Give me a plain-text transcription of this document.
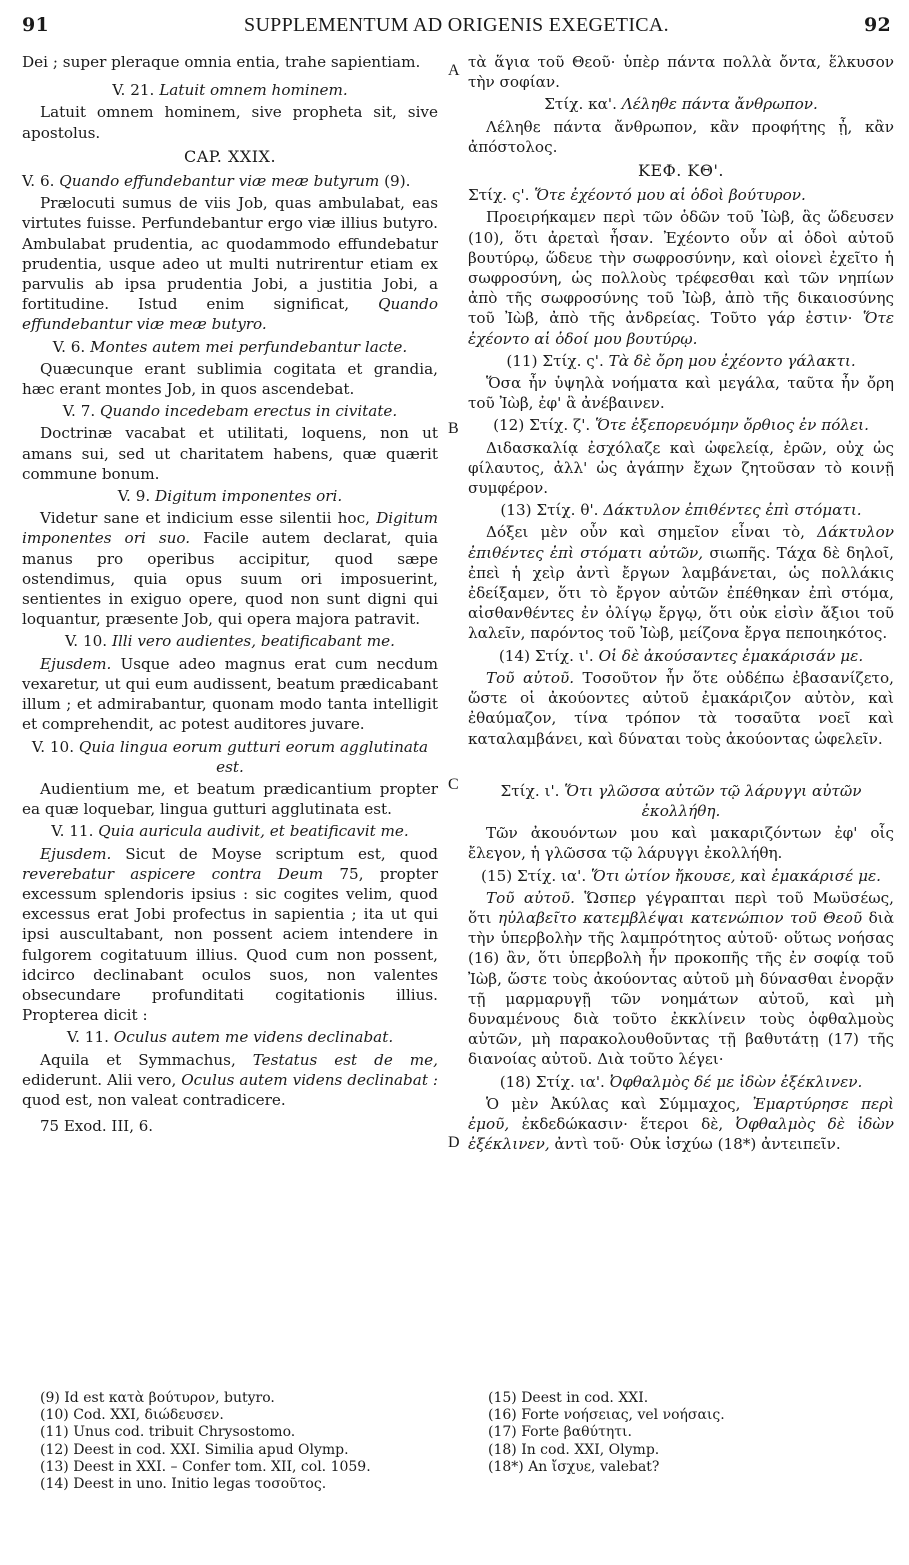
91	SUPPLEMENTUM AD ORIGENIS EXEGETICA.	92
A
B
C
D

Dei ; super pleraque omnia entia, trahe sapientiam.

V. 21. Latuit omnem hominem.

Latuit omnem hominem, sive propheta sit, sive apostolus.

CAP. XXIX.

V. 6. Quando effundebantur viæ meæ butyrum (9).

Prælocuti sumus de viis Job, quas ambulabat, eas virtutes fuisse. Perfundebantur ergo viæ illius butyro. Ambulabat prudentia, ac quodammodo effundebatur prudentia, usque adeo ut multi nutrirentur etiam ex parvulis ab ipsa prudentia Jobi, a justitia Jobi, a fortitudine. Istud enim significat, Quando effundebantur viæ meæ butyro.

V. 6. Montes autem mei perfundebantur lacte.

Quæcunque erant sublimia cogitata et grandia, hæc erant montes Job, in quos ascendebat.

V. 7. Quando incedebam erectus in civitate.

Doctrinæ vacabat et utilitati, loquens, non ut amans sui, sed ut charitatem habens, quæ quærit commune bonum.

V. 9. Digitum imponentes ori.

Videtur sane et indicium esse silentii hoc, Digitum imponentes ori suo. Facile autem declarat, quia manus pro operibus accipitur, quod sæpe ostendimus, quia opus suum ori imposuerint, sentientes in exiguo opere, quod non sunt digni qui loquantur, præsente Job, qui opera majora patravit.

V. 10. Illi vero audientes, beatificabant me.

Ejusdem. Usque adeo magnus erat cum necdum vexaretur, ut qui eum audissent, beatum prædicabant illum ; et admirabantur, quonam modo tanta intelligit et comprehendit, ac potest auditores juvare.

V. 10. Quia lingua eorum gutturi eorum agglutinata est.

Audientium me, et beatum prædicantium propter ea quæ loquebar, lingua gutturi agglutinata est.

V. 11. Quia auricula audivit, et beatificavit me.

Ejusdem. Sicut de Moyse scriptum est, quod reverebatur aspicere contra Deum 75, propter excessum splendoris ipsius : sic cogites velim, quod excessus erat Jobi profectus in sapientia ; ita ut qui ipsi auscultabant, non possent aciem intendere in fulgorem cogitatuum illius. Quod cum non possent, idcirco declinabant oculos suos, non valentes obsecundare profunditati cogitationis illius. Propterea dicit :

V. 11. Oculus autem me videns declinabat.

Aquila et Symmachus, Testatus est de me, ediderunt. Alii vero, Oculus autem videns declinabat : quod est, non valeat contradicere.

75 Exod. III, 6.

τὰ ἅγια τοῦ Θεοῦ· ὑπὲρ πάντα πολλὰ ὄντα, ἕλκυσον τὴν σοφίαν.

Στίχ. κα'. Λέληθε πάντα ἄνθρωπον.

Λέληθε πάντα ἄνθρωπον, κἂν προφήτης ᾖ, κἂν ἀπόστολος.

ΚΕΦ. ΚΘ'.

Στίχ. ς'. Ὅτε ἐχέοντό μου αἱ ὁδοὶ βούτυρον.

Προειρήκαμεν περὶ τῶν ὁδῶν τοῦ Ἰὼβ, ἃς ὥδευσεν (10), ὅτι ἀρεταὶ ἦσαν. Ἐχέοντο οὖν αἱ ὁδοὶ αὐτοῦ βουτύρῳ, ὥδευε τὴν σωφροσύνην, καὶ οἱονεὶ ἐχεῖτο ἡ σωφροσύνη, ὡς πολλοὺς τρέφεσθαι καὶ τῶν νηπίων ἀπὸ τῆς σωφροσύνης τοῦ Ἰὼβ, ἀπὸ τῆς δικαιοσύνης τοῦ Ἰὼβ, ἀπὸ τῆς ἀνδρείας. Τοῦτο γάρ ἐστιν· Ὅτε ἐχέοντο αἱ ὁδοί μου βουτύρῳ.

(11) Στίχ. ς'. Τὰ δὲ ὄρη μου ἐχέοντο γάλακτι.

Ὅσα ἦν ὑψηλὰ νοήματα καὶ μεγάλα, ταῦτα ἦν ὄρη τοῦ Ἰὼβ, ἐφ' ἃ ἀνέβαινεν.

(12) Στίχ. ζ'. Ὅτε ἐξεπορευόμην ὄρθιος ἐν πόλει.

Διδασκαλίᾳ ἐσχόλαζε καὶ ὠφελείᾳ, ἐρῶν, οὐχ ὡς φίλαυτος, ἀλλ' ὡς ἀγάπην ἔχων ζητοῦσαν τὸ κοινῇ συμφέρον.

(13) Στίχ. θ'. Δάκτυλον ἐπιθέντες ἐπὶ στόματι.

Δόξει μὲν οὖν καὶ σημεῖον εἶναι τὸ, Δάκτυλον ἐπιθέντες ἐπὶ στόματι αὐτῶν, σιωπῆς. Τάχα δὲ δηλοῖ, ἐπεὶ ἡ χεὶρ ἀντὶ ἔργων λαμβάνεται, ὡς πολλάκις ἐδείξαμεν, ὅτι τὸ ἔργον αὐτῶν ἐπέθηκαν ἐπὶ στόμα, αἰσθανθέντες ἐν ὀλίγῳ ἔργῳ, ὅτι οὐκ εἰσὶν ἄξιοι τοῦ λαλεῖν, παρόντος τοῦ Ἰὼβ, μείζονα ἔργα πεποιηκότος.

(14) Στίχ. ι'. Οἱ δὲ ἀκούσαντες ἐμακάρισάν με.

Τοῦ αὐτοῦ. Τοσοῦτον ἦν ὅτε οὐδέπω ἐβασανίζετο, ὥστε οἱ ἀκούοντες αὐτοῦ ἐμακάριζον αὐτὸν, καὶ ἐθαύμαζον, τίνα τρόπον τὰ τοσαῦτα νοεῖ καὶ καταλαμβάνει, καὶ δύναται τοὺς ἀκούοντας ὠφελεῖν.

Στίχ. ι'. Ὅτι γλῶσσα αὐτῶν τῷ λάρυγγι αὐτῶν ἐκολλήθη.

Τῶν ἀκουόντων μου καὶ μακαριζόντων ἐφ' οἷς ἔλεγον, ἡ γλῶσσα τῷ λάρυγγι ἐκολλήθη.

(15) Στίχ. ια'. Ὅτι ὠτίον ἤκουσε, καὶ ἐμακάρισέ με.

Τοῦ αὐτοῦ. Ὥσπερ γέγραπται περὶ τοῦ Μωϋσέως, ὅτι ηὐλαβεῖτο κατεμβλέψαι κατενώπιον τοῦ Θεοῦ διὰ τὴν ὑπερβολὴν τῆς λαμπρότητος αὐτοῦ· οὕτως νοήσας (16) ἂν, ὅτι ὑπερβολὴ ἦν προκοπῆς τῆς ἐν σοφίᾳ τοῦ Ἰὼβ, ὥστε τοὺς ἀκούοντας αὐτοῦ μὴ δύνασθαι ἐνορᾷν τῇ μαρμαρυγῇ τῶν νοημάτων αὐτοῦ, καὶ μὴ δυναμένους διὰ τοῦτο ἐκκλίνειν τοὺς ὀφθαλμοὺς αὐτῶν, μὴ παρακολουθοῦντας τῇ βαθυτάτῃ (17) τῆς διανοίας αὐτοῦ. Διὰ τοῦτο λέγει·

(18) Στίχ. ια'. Ὀφθαλμὸς δέ με ἰδὼν ἐξέκλινεν.

Ὁ μὲν Ἀκύλας καὶ Σύμμαχος, Ἐμαρτύρησε περὶ ἐμοῦ, ἐκδεδώκασιν· ἕτεροι δὲ, Ὀφθαλμὸς δὲ ἰδὼν ἐξέκλινεν, ἀντὶ τοῦ· Οὐκ ἰσχύω (18*) ἀντειπεῖν.

(9) Id est κατὰ βούτυρον, butyro.
(10) Cod. XXI, διώδευσεν.
(11) Unus cod. tribuit Chrysostomo.
(12) Deest in cod. XXI. Similia apud Olymp.
(13) Deest in XXI. – Confer tom. XII, col. 1059.
(14) Deest in uno. Initio legas τοσοῦτος.
(15) Deest in cod. XXI.
(16) Forte νοήσειας, vel νοήσαις.
(17) Forte βαθύτητι.
(18) In cod. XXI, Olymp.
(18*) An ἴσχυε, valebat?
